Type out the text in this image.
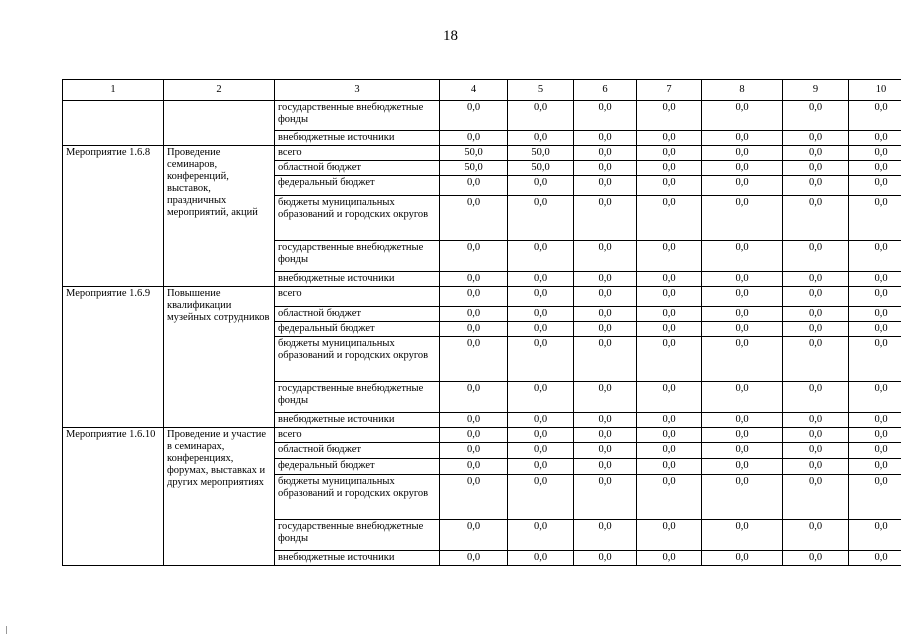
18
1	2	3	4	5	6	7	8	9	10
		государственные внебюджетные фонды	0,0	0,0	0,0	0,0	0,0	0,0	0,0
		внебюджетные источники	0,0	0,0	0,0	0,0	0,0	0,0	0,0
Мероприятие 1.6.8	Проведение семинаров, конференций, выставок, праздничных мероприятий, акций	всего	50,0	50,0	0,0	0,0	0,0	0,0	0,0
		областной бюджет	50,0	50,0	0,0	0,0	0,0	0,0	0,0
		федеральный бюджет	0,0	0,0	0,0	0,0	0,0	0,0	0,0
		бюджеты муниципальных образований и городских округов	0,0	0,0	0,0	0,0	0,0	0,0	0,0
		государственные внебюджетные фонды	0,0	0,0	0,0	0,0	0,0	0,0	0,0
		внебюджетные источники	0,0	0,0	0,0	0,0	0,0	0,0	0,0
Мероприятие 1.6.9	Повышение квалификации музейных сотрудников	всего	0,0	0,0	0,0	0,0	0,0	0,0	0,0
		областной бюджет	0,0	0,0	0,0	0,0	0,0	0,0	0,0
		федеральный бюджет	0,0	0,0	0,0	0,0	0,0	0,0	0,0
		бюджеты муниципальных образований и городских округов	0,0	0,0	0,0	0,0	0,0	0,0	0,0
		государственные внебюджетные фонды	0,0	0,0	0,0	0,0	0,0	0,0	0,0
		внебюджетные источники	0,0	0,0	0,0	0,0	0,0	0,0	0,0
Мероприятие 1.6.10	Проведение и участие в семинарах, конференциях, форумах, выставках и других мероприятиях	всего	0,0	0,0	0,0	0,0	0,0	0,0	0,0
		областной бюджет	0,0	0,0	0,0	0,0	0,0	0,0	0,0
		федеральный бюджет	0,0	0,0	0,0	0,0	0,0	0,0	0,0
		бюджеты муниципальных образований и городских округов	0,0	0,0	0,0	0,0	0,0	0,0	0,0
		государственные внебюджетные фонды	0,0	0,0	0,0	0,0	0,0	0,0	0,0
		внебюджетные источники	0,0	0,0	0,0	0,0	0,0	0,0	0,0
